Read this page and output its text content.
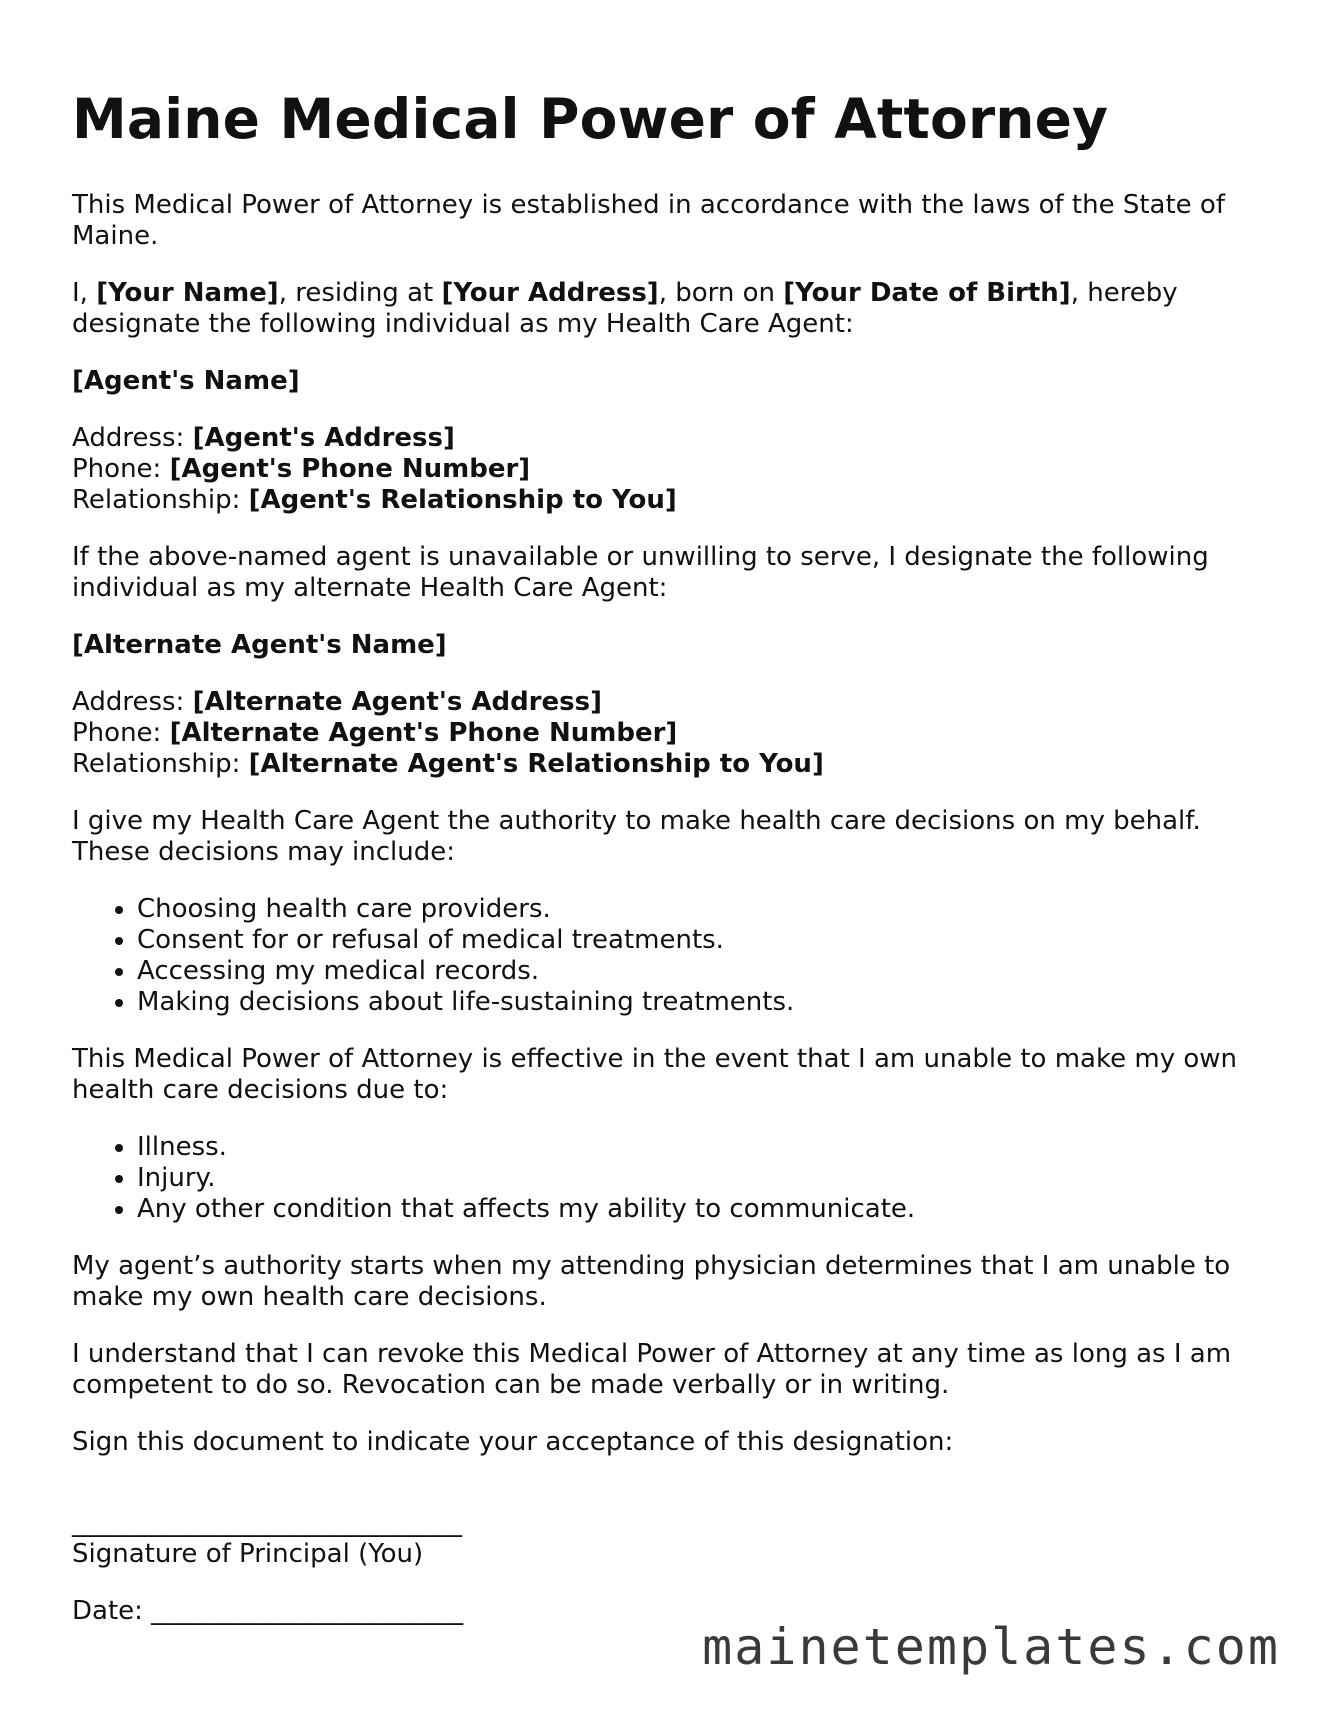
Maine Medical Power of Attorney

This Medical Power of Attorney is established in accordance with the laws of the State of Maine.

I, [Your Name], residing at [Your Address], born on [Your Date of Birth], hereby designate the following individual as my Health Care Agent:

[Agent's Name]

Address: [Agent's Address]
Phone: [Agent's Phone Number]
Relationship: [Agent's Relationship to You]

If the above-named agent is unavailable or unwilling to serve, I designate the following individual as my alternate Health Care Agent:

[Alternate Agent's Name]

Address: [Alternate Agent's Address]
Phone: [Alternate Agent's Phone Number]
Relationship: [Alternate Agent's Relationship to You]

I give my Health Care Agent the authority to make health care decisions on my behalf. These decisions may include:

• Choosing health care providers.
• Consent for or refusal of medical treatments.
• Accessing my medical records.
• Making decisions about life-sustaining treatments.

This Medical Power of Attorney is effective in the event that I am unable to make my own health care decisions due to:

• Illness.
• Injury.
• Any other condition that affects my ability to communicate.

My agent’s authority starts when my attending physician determines that I am unable to make my own health care decisions.

I understand that I can revoke this Medical Power of Attorney at any time as long as I am competent to do so. Revocation can be made verbally or in writing.

Sign this document to indicate your acceptance of this designation:

______________________________
Signature of Principal (You)

Date: ________________________

mainetemplates.com
